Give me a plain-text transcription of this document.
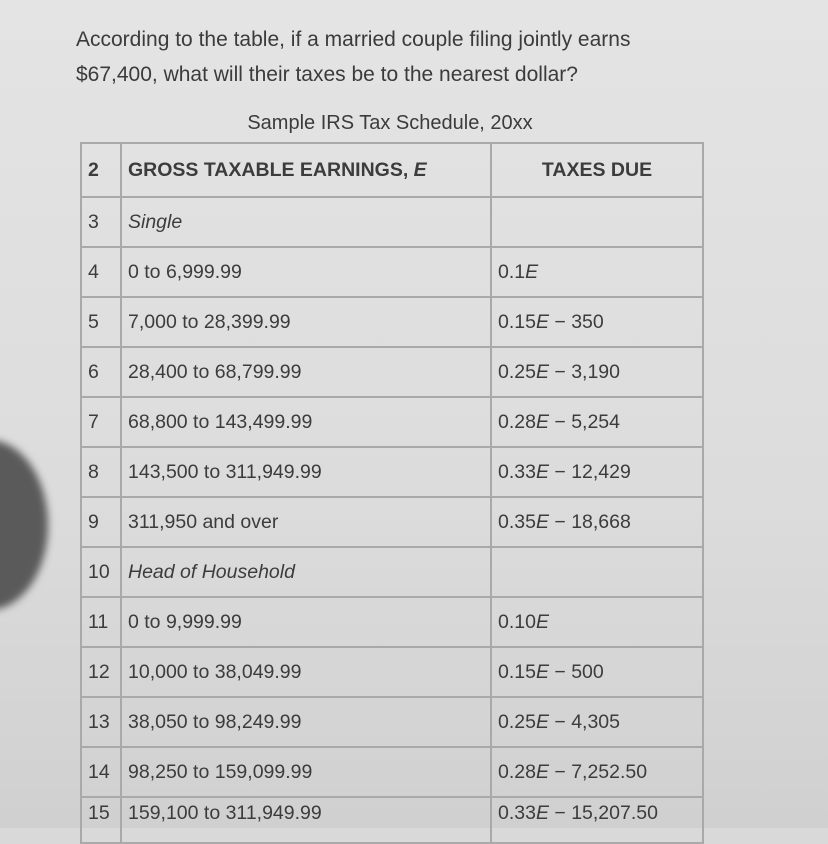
According to the table, if a married couple filing jointly earns

$67,400, what will their taxes be to the nearest dollar?

Sample IRS Tax Schedule, 20xx
2	GROSS TAXABLE EARNINGS, E	TAXES DUE
3	Single	
4	0 to 6,999.99	0.1E
5	7,000 to 28,399.99	0.15E − 350
6	28,400 to 68,799.99	0.25E − 3,190
7	68,800 to 143,499.99	0.28E − 5,254
8	143,500 to 311,949.99	0.33E − 12,429
9	311,950 and over	0.35E − 18,668
10	Head of Household	
11	0 to 9,999.99	0.10E
12	10,000 to 38,049.99	0.15E − 500
13	38,050 to 98,249.99	0.25E − 4,305
14	98,250 to 159,099.99	0.28E − 7,252.50
15	159,100 to 311,949.99	0.33E − 15,207.50
